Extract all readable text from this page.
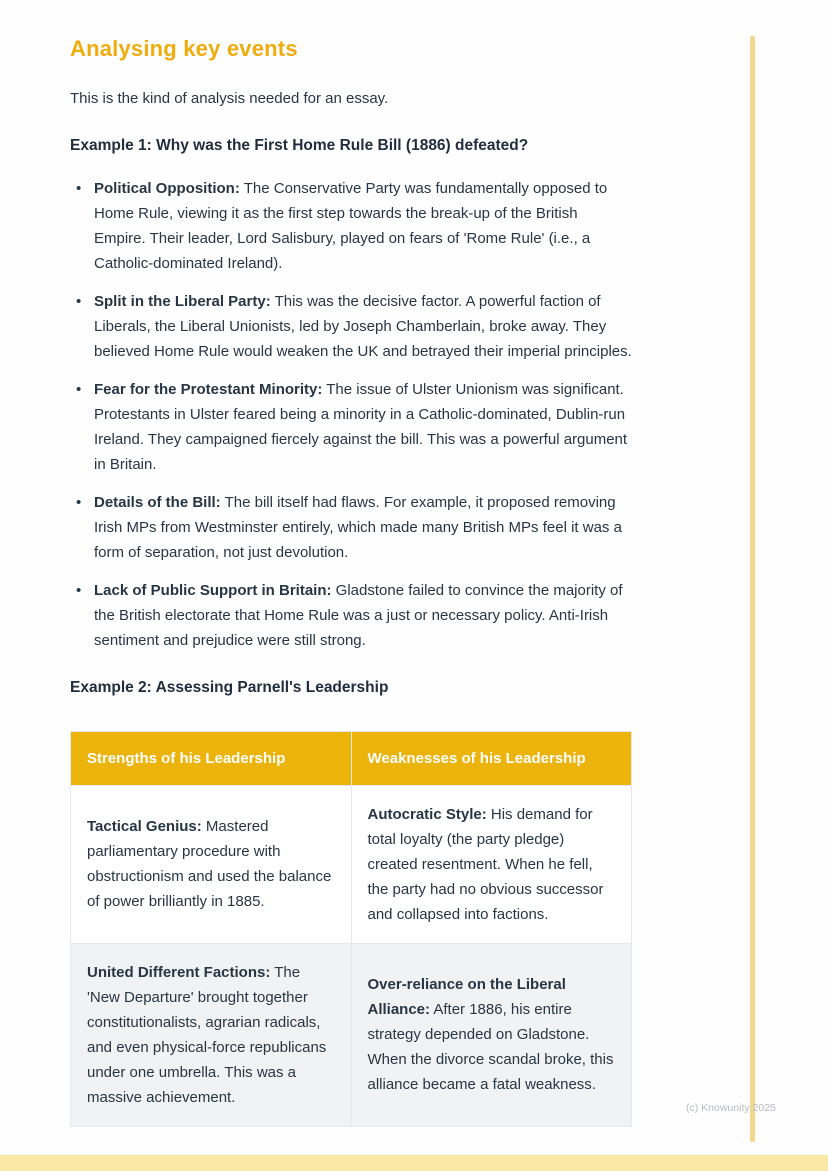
Analysing key events

This is the kind of analysis needed for an essay.

Example 1: Why was the First Home Rule Bill (1886) defeated?
• Political Opposition: The Conservative Party was fundamentally opposed to Home Rule, viewing it as the first step towards the break-up of the British Empire. Their leader, Lord Salisbury, played on fears of 'Rome Rule' (i.e., a Catholic-dominated Ireland).
• Split in the Liberal Party: This was the decisive factor. A powerful faction of Liberals, the Liberal Unionists, led by Joseph Chamberlain, broke away. They believed Home Rule would weaken the UK and betrayed their imperial principles.
• Fear for the Protestant Minority: The issue of Ulster Unionism was significant. Protestants in Ulster feared being a minority in a Catholic-dominated, Dublin-run Ireland. They campaigned fiercely against the bill. This was a powerful argument in Britain.
• Details of the Bill: The bill itself had flaws. For example, it proposed removing Irish MPs from Westminster entirely, which made many British MPs feel it was a form of separation, not just devolution.
• Lack of Public Support in Britain: Gladstone failed to convince the majority of the British electorate that Home Rule was a just or necessary policy. Anti-Irish sentiment and prejudice were still strong.
Example 2: Assessing Parnell's Leadership
Strengths of his Leadership	Weaknesses of his Leadership
Tactical Genius: Mastered parliamentary procedure with obstructionism and used the balance of power brilliantly in 1885.	Autocratic Style: His demand for total loyalty (the party pledge) created resentment. When he fell, the party had no obvious successor and collapsed into factions.
United Different Factions: The 'New Departure' brought together constitutionalists, agrarian radicals, and even physical-force republicans under one umbrella. This was a massive achievement.	Over-reliance on the Liberal Alliance: After 1886, his entire strategy depended on Gladstone. When the divorce scandal broke, this alliance became a fatal weakness.
(c) Knowunity 2025
